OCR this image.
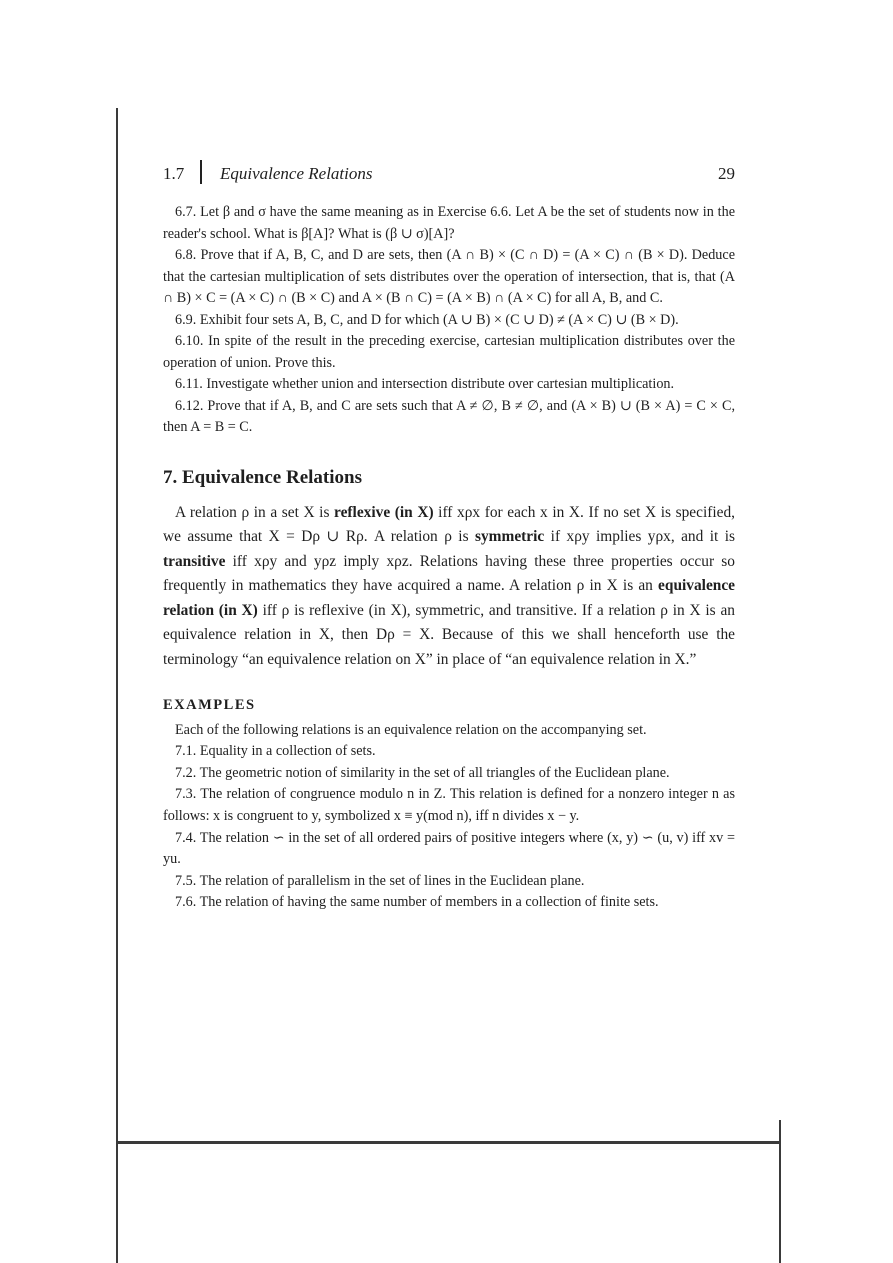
1.7 Equivalence Relations	29

6.7. Let β and σ have the same meaning as in Exercise 6.6. Let A be the set of students now in the reader's school. What is β[A]? What is (β ∪ σ)[A]?

6.8. Prove that if A, B, C, and D are sets, then (A ∩ B) × (C ∩ D) = (A × C) ∩ (B × D). Deduce that the cartesian multiplication of sets distributes over the operation of intersection, that is, that (A ∩ B) × C = (A × C) ∩ (B × C) and A × (B ∩ C) = (A × B) ∩ (A × C) for all A, B, and C.

6.9. Exhibit four sets A, B, C, and D for which (A ∪ B) × (C ∪ D) ≠ (A × C) ∪ (B × D).

6.10. In spite of the result in the preceding exercise, cartesian multiplication distributes over the operation of union. Prove this.

6.11. Investigate whether union and intersection distribute over cartesian multiplication.

6.12. Prove that if A, B, and C are sets such that A ≠ ∅, B ≠ ∅, and (A × B) ∪ (B × A) = C × C, then A = B = C.

7. Equivalence Relations

A relation ρ in a set X is reflexive (in X) iff xρx for each x in X. If no set X is specified, we assume that X = Dρ ∪ Rρ. A relation ρ is symmetric if xρy implies yρx, and it is transitive iff xρy and yρz imply xρz. Relations having these three properties occur so frequently in mathematics they have acquired a name. A relation ρ in X is an equivalence relation (in X) iff ρ is reflexive (in X), symmetric, and transitive. If a relation ρ in X is an equivalence relation in X, then Dρ = X. Because of this we shall henceforth use the terminology “an equivalence relation on X” in place of “an equivalence relation in X.”

EXAMPLES

Each of the following relations is an equivalence relation on the accompanying set.

7.1. Equality in a collection of sets.

7.2. The geometric notion of similarity in the set of all triangles of the Euclidean plane.

7.3. The relation of congruence modulo n in Z. This relation is defined for a nonzero integer n as follows: x is congruent to y, symbolized x ≡ y(mod n), iff n divides x − y.

7.4. The relation ∽ in the set of all ordered pairs of positive integers where (x, y) ∽ (u, v) iff xv = yu.

7.5. The relation of parallelism in the set of lines in the Euclidean plane.

7.6. The relation of having the same number of members in a collection of finite sets.
